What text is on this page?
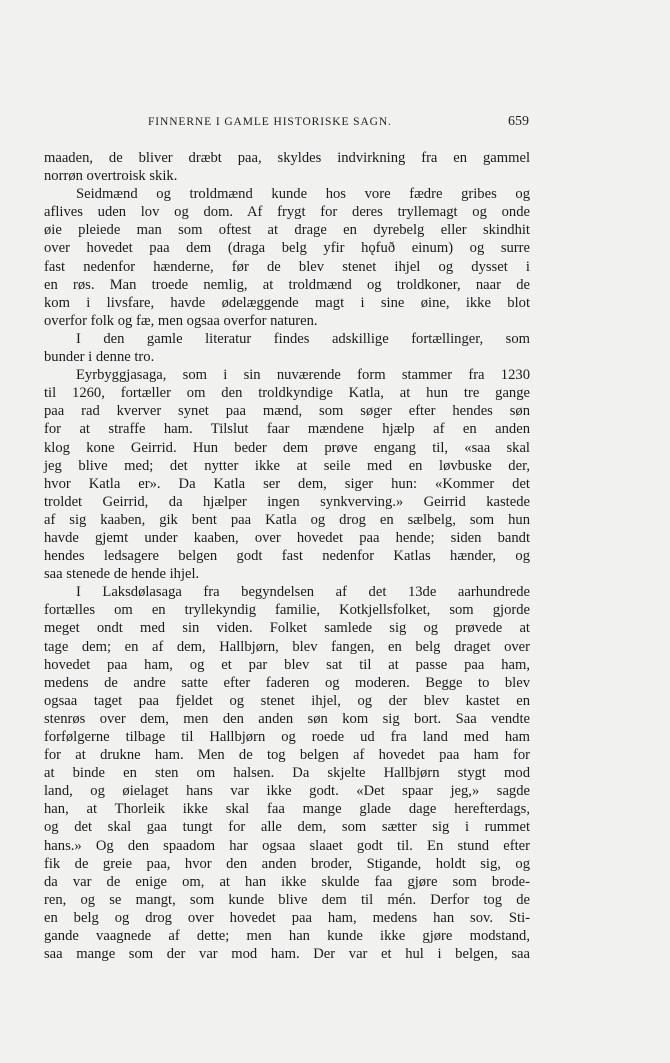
FINNERNE I GAMLE HISTORISKE SAGN.	659
maaden, de bliver dræbt paa, skyldes indvirkning fra en gammel
norrøn overtroisk skik.
Seidmænd og troldmænd kunde hos vore fædre gribes og
aflives uden lov og dom. Af frygt for deres tryllemagt og onde
øie pleiede man som oftest at drage en dyrebelg eller skindhit
over hovedet paa dem (draga belg yfir hǫfuð einum) og surre
fast nedenfor hænderne, før de blev stenet ihjel og dysset i
en røs. Man troede nemlig, at troldmænd og troldkoner, naar de
kom i livsfare, havde ødelæggende magt i sine øine, ikke blot
overfor folk og fæ, men ogsaa overfor naturen.
I den gamle literatur findes adskillige fortællinger, som
bunder i denne tro.
Eyrbyggjasaga, som i sin nuværende form stammer fra 1230
til 1260, fortæller om den troldkyndige Katla, at hun tre gange
paa rad kverver synet paa mænd, som søger efter hendes søn
for at straffe ham. Tilslut faar mændene hjælp af en anden
klog kone Geirrid. Hun beder dem prøve engang til, «saa skal
jeg blive med; det nytter ikke at seile med en løvbuske der,
hvor Katla er». Da Katla ser dem, siger hun: «Kommer det
troldet Geirrid, da hjælper ingen synkverving.» Geirrid kastede
af sig kaaben, gik bent paa Katla og drog en sælbelg, som hun
havde gjemt under kaaben, over hovedet paa hende; siden bandt
hendes ledsagere belgen godt fast nedenfor Katlas hænder, og
saa stenede de hende ihjel.
I Laksdølasaga fra begyndelsen af det 13de aarhundrede
fortælles om en tryllekyndig familie, Kotkjellsfolket, som gjorde
meget ondt med sin viden. Folket samlede sig og prøvede at
tage dem; en af dem, Hallbjørn, blev fangen, en belg draget over
hovedet paa ham, og et par blev sat til at passe paa ham,
medens de andre satte efter faderen og moderen. Begge to blev
ogsaa taget paa fjeldet og stenet ihjel, og der blev kastet en
stenrøs over dem, men den anden søn kom sig bort. Saa vendte
forfølgerne tilbage til Hallbjørn og roede ud fra land med ham
for at drukne ham. Men de tog belgen af hovedet paa ham for
at binde en sten om halsen. Da skjelte Hallbjørn stygt mod
land, og øielaget hans var ikke godt. «Det spaar jeg,» sagde
han, at Thorleik ikke skal faa mange glade dage herefterdags,
og det skal gaa tungt for alle dem, som sætter sig i rummet
hans.» Og den spaadom har ogsaa slaaet godt til. En stund efter
fik de greie paa, hvor den anden broder, Stigande, holdt sig, og
da var de enige om, at han ikke skulde faa gjøre som brode-
ren, og se mangt, som kunde blive dem til mén. Derfor tog de
en belg og drog over hovedet paa ham, medens han sov. Sti-
gande vaagnede af dette; men han kunde ikke gjøre modstand,
saa mange som der var mod ham. Der var et hul i belgen, saa
